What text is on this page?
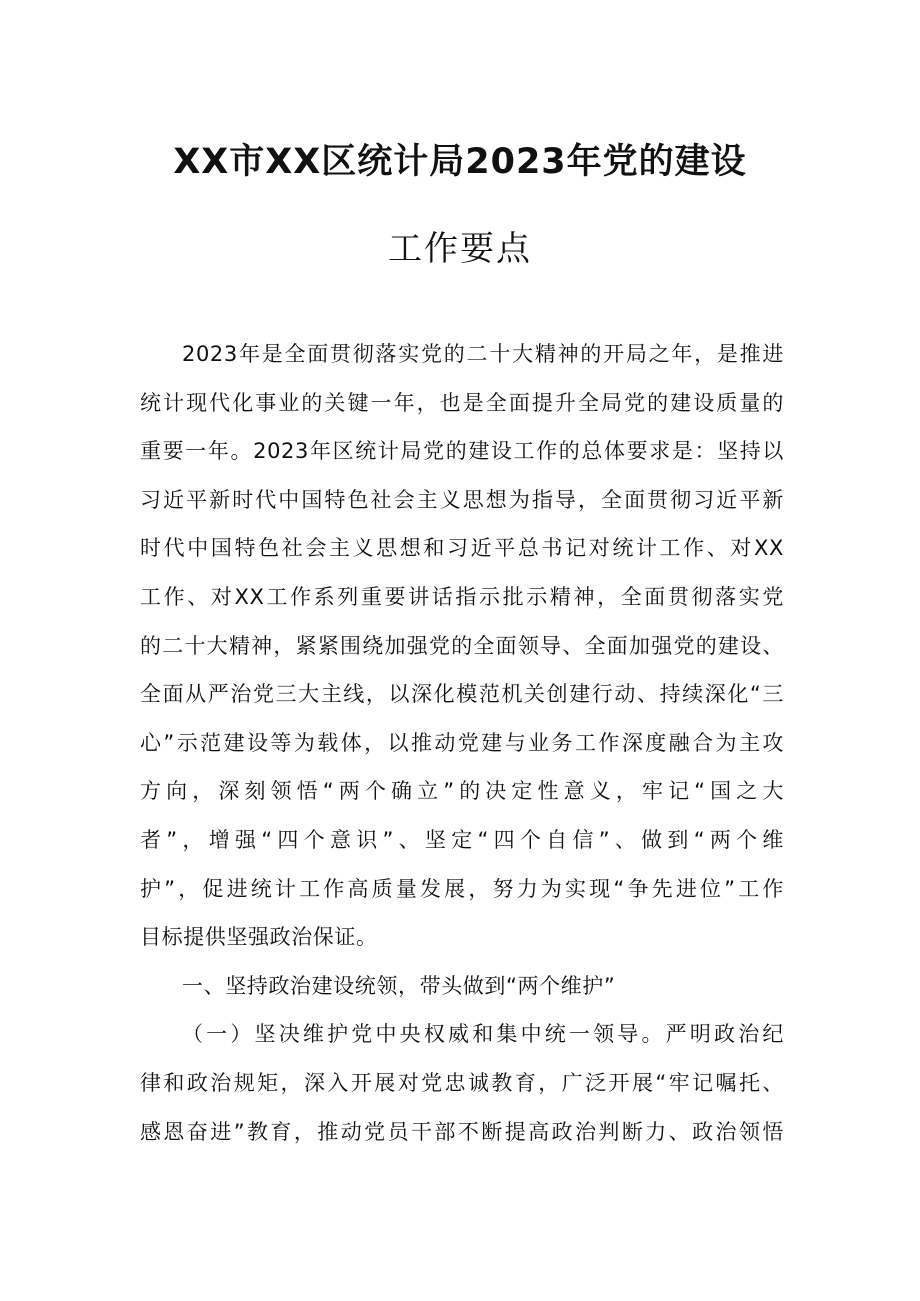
XX市XX区统计局2023年党的建设
工作要点
2023年是全面贯彻落实党的二十大精神的开局之年，是推进
统计现代化事业的关键一年，也是全面提升全局党的建设质量的
重要一年。2023年区统计局党的建设工作的总体要求是：坚持以
习近平新时代中国特色社会主义思想为指导，全面贯彻习近平新
时代中国特色社会主义思想和习近平总书记对统计工作、对XX
工作、对XX工作系列重要讲话指示批示精神，全面贯彻落实党
的二十大精神，紧紧围绕加强党的全面领导、全面加强党的建设、
全面从严治党三大主线，以深化模范机关创建行动、持续深化“三
心”示范建设等为载体，以推动党建与业务工作深度融合为主攻
方向，深刻领悟“两个确立”的决定性意义，牢记“国之大
者”，增强“四个意识”、坚定“四个自信”、做到“两个维
护”，促进统计工作高质量发展，努力为实现“争先进位”工作
目标提供坚强政治保证。
一、坚持政治建设统领，带头做到“两个维护”
（一）坚决维护党中央权威和集中统一领导。严明政治纪
律和政治规矩，深入开展对党忠诚教育，广泛开展“牢记嘱托、
感恩奋进”教育，推动党员干部不断提高政治判断力、政治领悟
